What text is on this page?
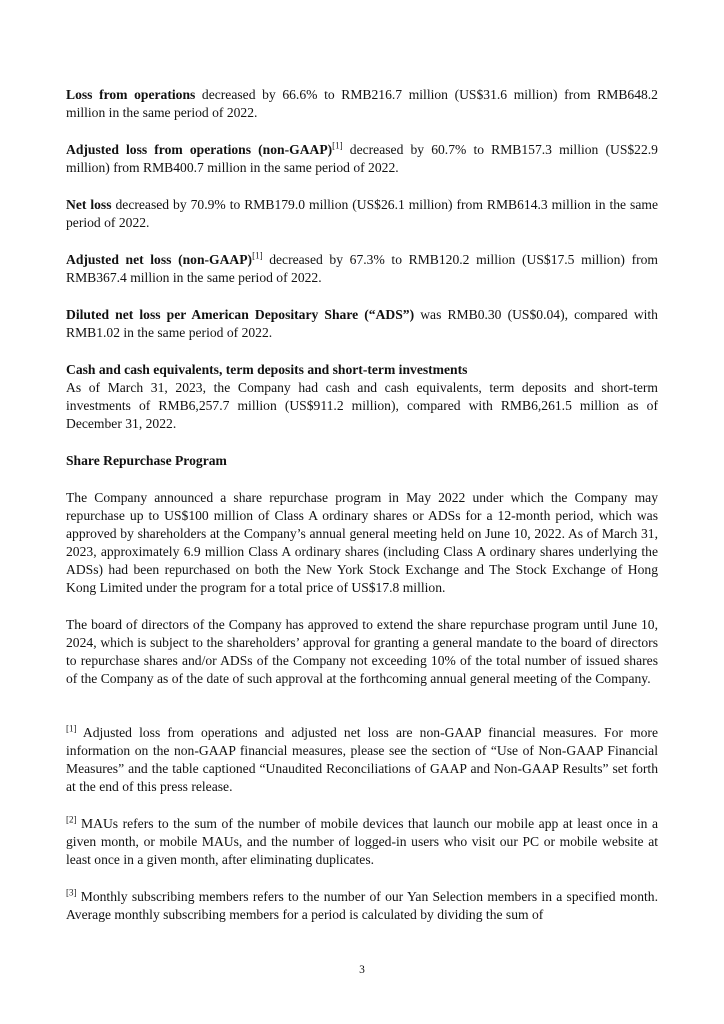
Loss from operations decreased by 66.6% to RMB216.7 million (US$31.6 million) from RMB648.2 million in the same period of 2022.

Adjusted loss from operations (non-GAAP)[1] decreased by 60.7% to RMB157.3 million (US$22.9 million) from RMB400.7 million in the same period of 2022.

Net loss decreased by 70.9% to RMB179.0 million (US$26.1 million) from RMB614.3 million in the same period of 2022.

Adjusted net loss (non-GAAP)[1] decreased by 67.3% to RMB120.2 million (US$17.5 million) from RMB367.4 million in the same period of 2022.

Diluted net loss per American Depositary Share (“ADS”) was RMB0.30 (US$0.04), compared with RMB1.02 in the same period of 2022.

Cash and cash equivalents, term deposits and short-term investments

As of March 31, 2023, the Company had cash and cash equivalents, term deposits and short-term investments of RMB6,257.7 million (US$911.2 million), compared with RMB6,261.5 million as of December 31, 2022.

Share Repurchase Program

The Company announced a share repurchase program in May 2022 under which the Company may repurchase up to US$100 million of Class A ordinary shares or ADSs for a 12-month period, which was approved by shareholders at the Company’s annual general meeting held on June 10, 2022. As of March 31, 2023, approximately 6.9 million Class A ordinary shares (including Class A ordinary shares underlying the ADSs) had been repurchased on both the New York Stock Exchange and The Stock Exchange of Hong Kong Limited under the program for a total price of US$17.8 million.

The board of directors of the Company has approved to extend the share repurchase program until June 10, 2024, which is subject to the shareholders’ approval for granting a general mandate to the board of directors to repurchase shares and/or ADSs of the Company not exceeding 10% of the total number of issued shares of the Company as of the date of such approval at the forthcoming annual general meeting of the Company.

[1] Adjusted loss from operations and adjusted net loss are non-GAAP financial measures. For more information on the non-GAAP financial measures, please see the section of “Use of Non-GAAP Financial Measures” and the table captioned “Unaudited Reconciliations of GAAP and Non-GAAP Results” set forth at the end of this press release.

[2] MAUs refers to the sum of the number of mobile devices that launch our mobile app at least once in a given month, or mobile MAUs, and the number of logged-in users who visit our PC or mobile website at least once in a given month, after eliminating duplicates.

[3] Monthly subscribing members refers to the number of our Yan Selection members in a specified month. Average monthly subscribing members for a period is calculated by dividing the sum of

3
